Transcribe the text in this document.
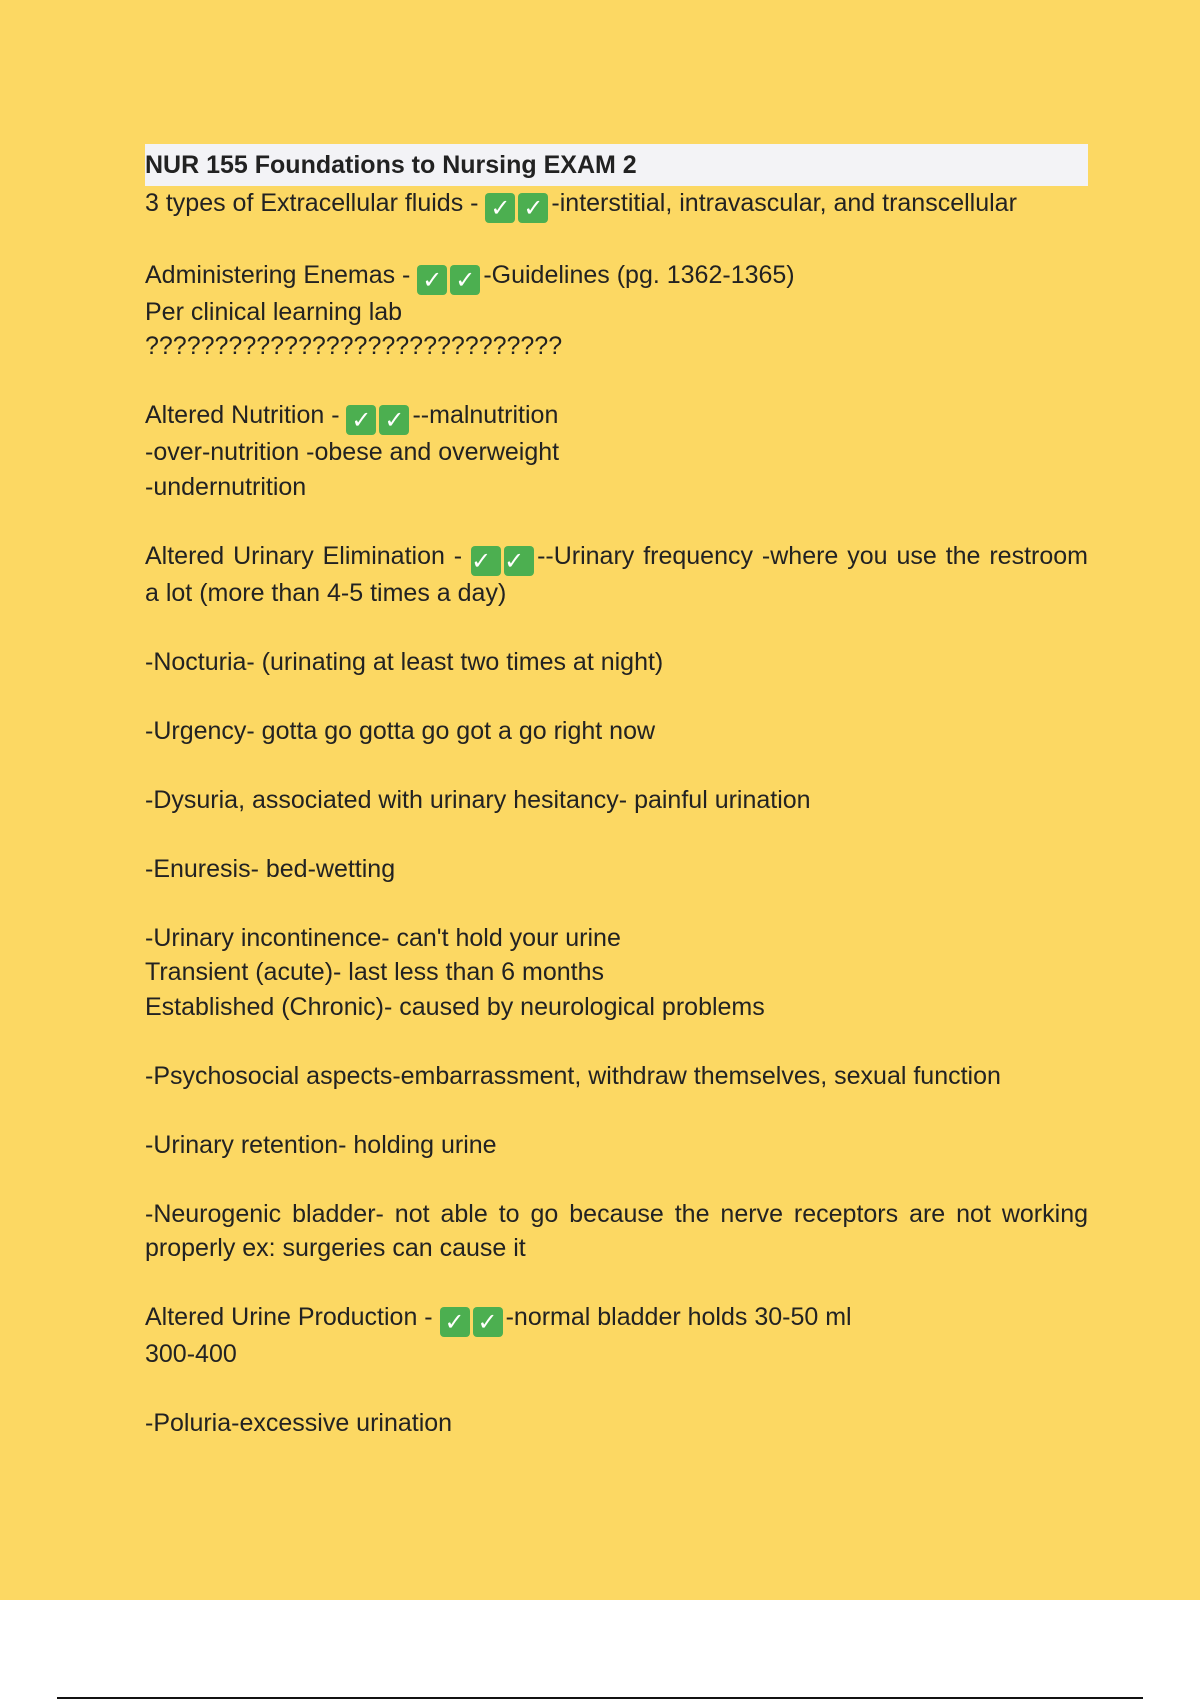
NUR 155 Foundations to Nursing EXAM 2
3 types of Extracellular fluids - ✓ ✓ -interstitial, intravascular, and transcellular
Administering Enemas - ✓ ✓ -Guidelines (pg. 1362-1365)
Per clinical learning lab
??????????????????????????????
Altered Nutrition - ✓ ✓ --malnutrition
-over-nutrition -obese and overweight
-undernutrition
Altered Urinary Elimination - ✓ ✓ --Urinary frequency -where you use the restroom a lot (more than 4-5 times a day)
-Nocturia- (urinating at least two times at night)
-Urgency- gotta go gotta go got a go right now
-Dysuria, associated with urinary hesitancy- painful urination
-Enuresis- bed-wetting
-Urinary incontinence- can't hold your urine
Transient (acute)- last less than 6 months
Established (Chronic)- caused by neurological problems
-Psychosocial aspects-embarrassment, withdraw themselves, sexual function
-Urinary retention- holding urine
-Neurogenic bladder- not able to go because the nerve receptors are not working properly ex: surgeries can cause it
Altered Urine Production - ✓ ✓ -normal bladder holds 30-50 ml
300-400
-Poluria-excessive urination
